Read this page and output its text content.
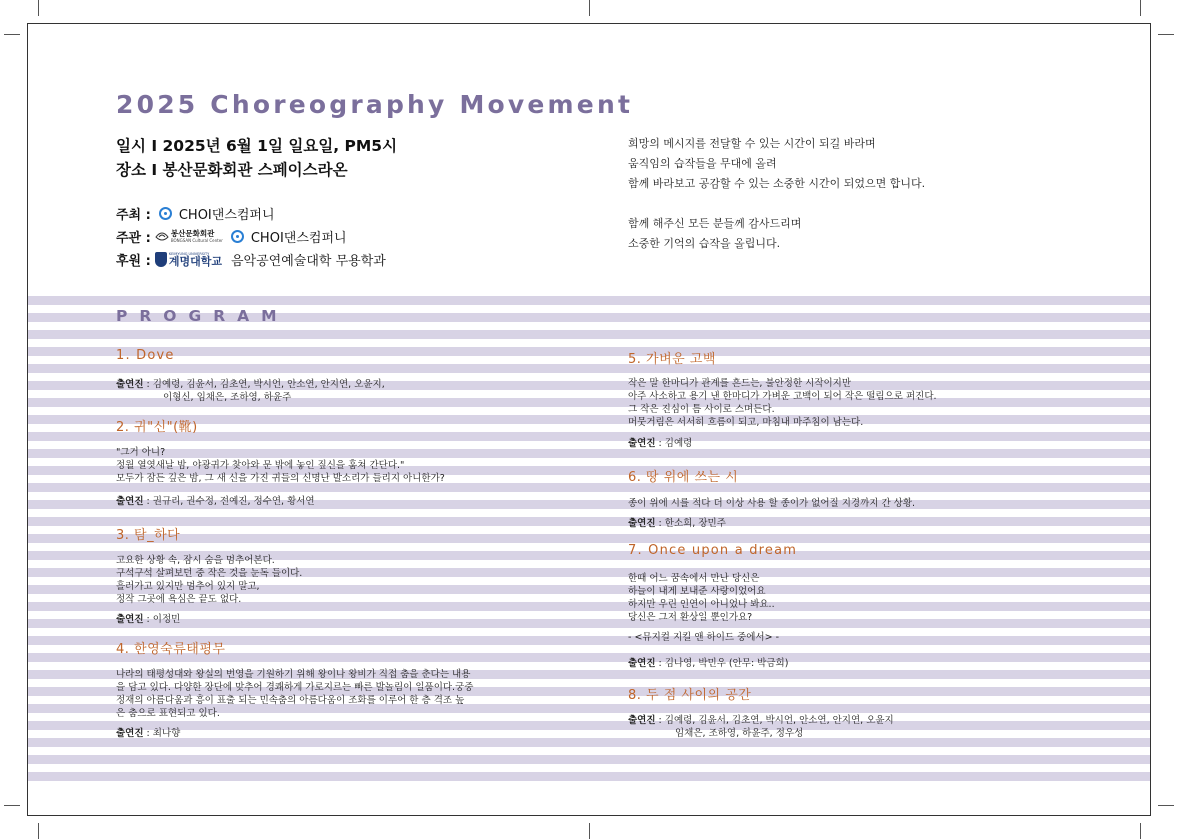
2025 Choreography Movement
일시 I 2025년 6월 1일 일요일, PM5시
장소 I 봉산문화회관 스페이스라온
주최 : CHOI댄스컴퍼니
주관 :	봉산문화회관
BONGSAN Cultural Center CHOI댄스컴퍼니
후원 :	KEIMYUNG UNIVERSITY
계명대학교 음악공연예술대학 무용학과
희망의 메시지를 전달할 수 있는 시간이 되길 바라며
움직임의 습작들을 무대에 올려
함께 바라보고 공감할 수 있는 소중한 시간이 되었으면 합니다.
함께 해주신 모든 분들께 감사드리며
소중한 기억의 습작을 올립니다.
PROGRAM
1. Dove
출연진 : 김예령, 김윤서, 김초연, 박시언, 안소연, 안지연, 오윤지,
이형신, 임채은, 조하영, 하윤주
2. 귀"신"(靴)
"그거 아니?
정월 열엿새날 밤, 야광귀가 찾아와 문 밖에 놓인 짚신을 훔쳐 간단다."
모두가 잠든 깊은 밤, 그 새 신을 가진 귀들의 신명난 발소리가 들리지 아니한가?
출연진 : 권규리, 권수정, 전예진, 정수연, 황서연
3. 탐_하다
고요한 상황 속, 잠시 숨을 멈추어본다.
구석구석 살펴보던 중 작은 것을 눈독 들이다.
흘러가고 있지만 멈추어 있지 말고,
정작 그곳에 욕심은 끝도 없다.
출연진 : 이정민
4. 한영숙류태평무
나라의 태평성대와 왕실의 번영을 기원하기 위해 왕이나 왕비가 직접 춤을 춘다는 내용
을 담고 있다. 다양한 장단에 맞추어 경쾌하게 가로지르는 빠른 발놀림이 일품이다.궁중
정재의 아름다움과 흥이 표출 되는 민속춤의 아름다움이 조화를 이루어 한 층 격조 높
은 춤으로 표현되고 있다.
출연진 : 최나향
5. 가벼운 고백
작은 말 한마디가 관계를 흔드는, 불안정한 시작이지만
아주 사소하고 용기 낸 한마디가 가벼운 고백이 되어 작은 떨림으로 퍼진다.
그 작은 진심이 틈 사이로 스며든다.
머뭇거림은 서서히 흐름이 되고, 마침내 마주침이 남는다.
출연진 : 김예령
6. 땅 위에 쓰는 시
종이 위에 시를 적다 더 이상 사용 할 종이가 없어질 지경까지 간 상황.
출연진 : 한소희, 장민주
7. Once upon a dream
한때 어느 꿈속에서 만난 당신은
하늘이 내게 보내준 사랑이었어요
하지만 우린 인연이 아니었나 봐요..
당신은 그저 환상일 뿐인가요?
- <뮤지컬 지킬 앤 하이드 중에서> -
출연진 : 김나영, 박민우 (안무: 박금희)
8. 두 점 사이의 공간
출연진 : 김예령, 김윤서, 김초연, 박시언, 안소연, 안지연, 오윤지
임채은, 조하영, 하윤주, 정우성
